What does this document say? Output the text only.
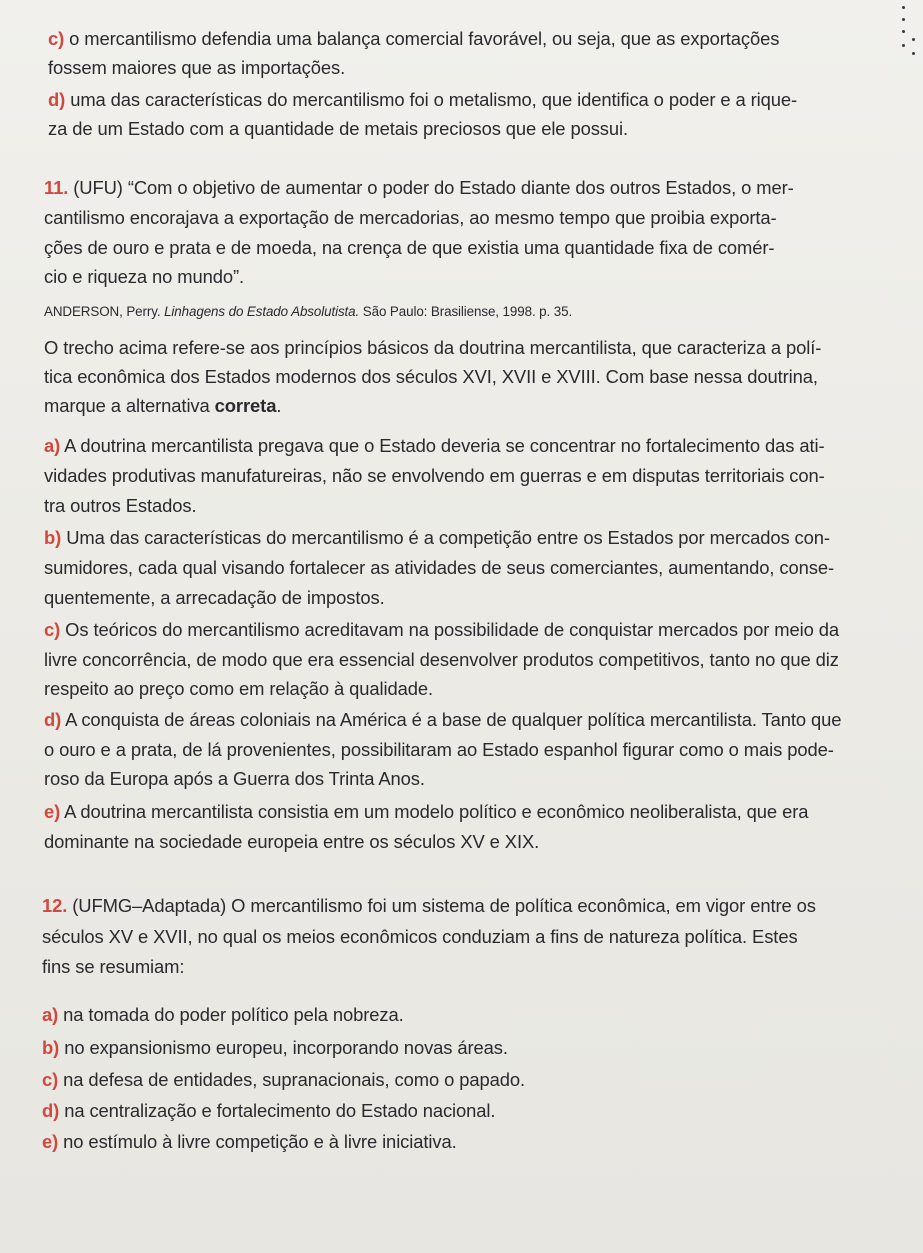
c) o mercantilismo defendia uma balança comercial favorável, ou seja, que as exportações
fossem maiores que as importações.
d) uma das características do mercantilismo foi o metalismo, que identifica o poder e a rique-
za de um Estado com a quantidade de metais preciosos que ele possui.
11. (UFU) “Com o objetivo de aumentar o poder do Estado diante dos outros Estados, o mer-
cantilismo encorajava a exportação de mercadorias, ao mesmo tempo que proibia exporta-
ções de ouro e prata e de moeda, na crença de que existia uma quantidade fixa de comér-
cio e riqueza no mundo”.
ANDERSON, Perry. Linhagens do Estado Absolutista. São Paulo: Brasiliense, 1998. p. 35.
O trecho acima refere-se aos princípios básicos da doutrina mercantilista, que caracteriza a polí-
tica econômica dos Estados modernos dos séculos XVI, XVII e XVIII. Com base nessa doutrina,
marque a alternativa correta.
a) A doutrina mercantilista pregava que o Estado deveria se concentrar no fortalecimento das ati-
vidades produtivas manufatureiras, não se envolvendo em guerras e em disputas territoriais con-
tra outros Estados.
b) Uma das características do mercantilismo é a competição entre os Estados por mercados con-
sumidores, cada qual visando fortalecer as atividades de seus comerciantes, aumentando, conse-
quentemente, a arrecadação de impostos.
c) Os teóricos do mercantilismo acreditavam na possibilidade de conquistar mercados por meio da
livre concorrência, de modo que era essencial desenvolver produtos competitivos, tanto no que diz
respeito ao preço como em relação à qualidade.
d) A conquista de áreas coloniais na América é a base de qualquer política mercantilista. Tanto que
o ouro e a prata, de lá provenientes, possibilitaram ao Estado espanhol figurar como o mais pode-
roso da Europa após a Guerra dos Trinta Anos.
e) A doutrina mercantilista consistia em um modelo político e econômico neoliberalista, que era
dominante na sociedade europeia entre os séculos XV e XIX.
12. (UFMG–Adaptada) O mercantilismo foi um sistema de política econômica, em vigor entre os
séculos XV e XVII, no qual os meios econômicos conduziam a fins de natureza política. Estes
fins se resumiam:
a) na tomada do poder político pela nobreza.
b) no expansionismo europeu, incorporando novas áreas.
c) na defesa de entidades, supranacionais, como o papado.
d) na centralização e fortalecimento do Estado nacional.
e) no estímulo à livre competição e à livre iniciativa.
